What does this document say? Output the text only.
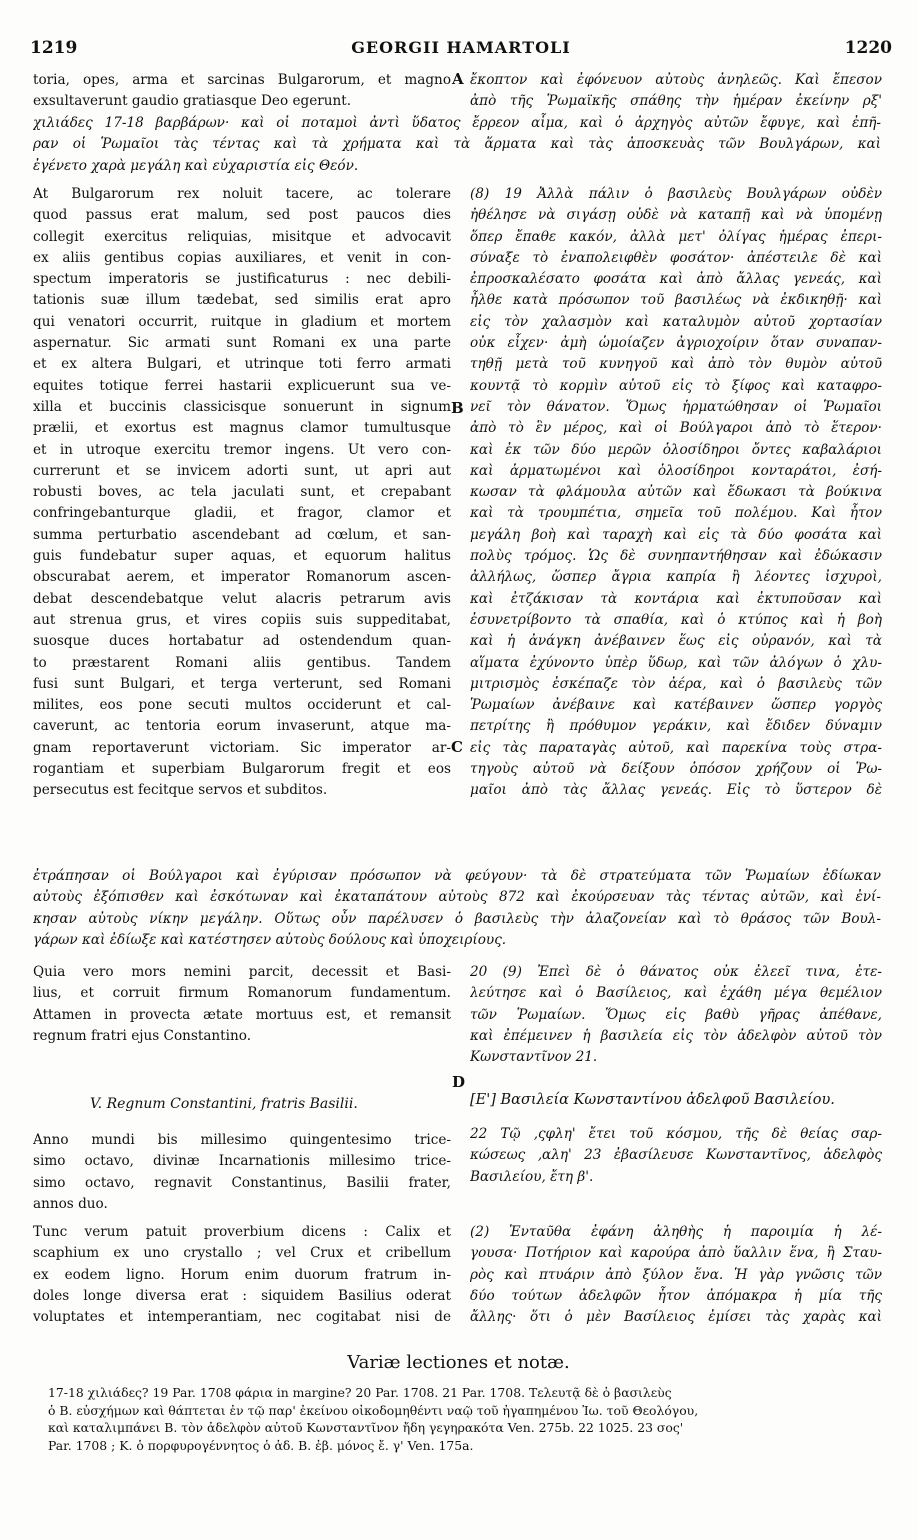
1219	GEORGII HAMARTOLI	1220
toria, opes, arma et sarcinas Bulgarorum, et magno
exsultaverunt gaudio gratiasque Deo egerunt.
A ἔκοπτον καὶ ἐφόνευον αὐτοὺς ἀνηλεῶς. Καὶ ἔπεσον
ἀπὸ τῆς Ῥωμαϊκῆς σπάθης τὴν ἡμέραν ἐκείνην ρξ'
χιλιάδες 17-18 βαρβάρων· καὶ οἱ ποταμοὶ ἀντὶ ὕδατος ἔρρεον αἷμα, καὶ ὁ ἀρχηγὸς αὐτῶν ἔφυγε, καὶ ἐπῆ-
ραν οἱ Ῥωμαῖοι τὰς τέντας καὶ τὰ χρήματα καὶ τὰ ἅρματα καὶ τὰς ἀποσκευὰς τῶν Βουλγάρων, καὶ
ἐγένετο χαρὰ μεγάλη καὶ εὐχαριστία εἰς Θεόν.
At Bulgarorum rex noluit tacere, ac tolerare
quod passus erat malum, sed post paucos dies
collegit exercitus reliquias, misitque et advocavit
ex aliis gentibus copias auxiliares, et venit in con-
spectum imperatoris se justificaturus : nec debili-
tationis suæ illum tædebat, sed similis erat apro
qui venatori occurrit, ruitque in gladium et mortem
aspernatur. Sic armati sunt Romani ex una parte
et ex altera Bulgari, et utrinque toti ferro armati
equites totique ferrei hastarii explicuerunt sua ve-
xilla et buccinis classicisque sonuerunt in signum
prælii, et exortus est magnus clamor tumultusque
et in utroque exercitu tremor ingens. Ut vero con-
currerunt et se invicem adorti sunt, ut apri aut
robusti boves, ac tela jaculati sunt, et crepabant
confringebanturque gladii, et fragor, clamor et
summa perturbatio ascendebant ad cœlum, et san-
guis fundebatur super aquas, et equorum halitus
obscurabat aerem, et imperator Romanorum ascen-
debat descendebatque velut alacris petrarum avis
aut strenua grus, et vires copiis suis suppeditabat,
suosque duces hortabatur ad ostendendum quan-
to præstarent Romani aliis gentibus. Tandem
fusi sunt Bulgari, et terga verterunt, sed Romani
milites, eos pone secuti multos occiderunt et cal-
caverunt, ac tentoria eorum invaserunt, atque ma-
gnam reportaverunt victoriam. Sic imperator ar-
rogantiam et superbiam Bulgarorum fregit et eos
persecutus est fecitque servos et subditos.
B
C
(8) 19 Ἀλλὰ πάλιν ὁ βασιλεὺς Βουλγάρων οὐδὲν
ἠθέλησε νὰ σιγάσῃ οὐδὲ νὰ καταπῇ καὶ νὰ ὑπομένῃ
ὅπερ ἔπαθε κακόν, ἀλλὰ μετ' ὀλίγας ἡμέρας ἐπερι-
σύναξε τὸ ἐναπολειφθὲν φοσάτον· ἀπέστειλε δὲ καὶ
ἐπροσκαλέσατο φοσάτα καὶ ἀπὸ ἄλλας γενεάς, καὶ
ἦλθε κατὰ πρόσωπον τοῦ βασιλέως νὰ ἐκδικηθῇ· καὶ
εἰς τὸν χαλασμὸν καὶ καταλυμὸν αὐτοῦ χορτασίαν
οὐκ εἶχεν· ἀμὴ ὡμοίαζεν ἀγριοχοίριν ὅταν συναπαν-
τηθῇ μετὰ τοῦ κυνηγοῦ καὶ ἀπὸ τὸν θυμὸν αὐτοῦ
κουντᾷ τὸ κορμὶν αὐτοῦ εἰς τὸ ξίφος καὶ καταφρο-
νεῖ τὸν θάνατον. Ὅμως ἡρματώθησαν οἱ Ῥωμαῖοι
ἀπὸ τὸ ἓν μέρος, καὶ οἱ Βούλγαροι ἀπὸ τὸ ἕτερον·
καὶ ἐκ τῶν δύο μερῶν ὁλοσίδηροι ὄντες καβαλάριοι
καὶ ἁρματωμένοι καὶ ὁλοσίδηροι κονταράτοι, ἐσή-
κωσαν τὰ φλάμουλα αὐτῶν καὶ ἔδωκασι τὰ βούκινα
καὶ τὰ τρουμπέτια, σημεῖα τοῦ πολέμου. Καὶ ἦτον
μεγάλη βοὴ καὶ ταραχὴ καὶ εἰς τὰ δύο φοσάτα καὶ
πολὺς τρόμος. Ὡς δὲ συνηπαντήθησαν καὶ ἐδώκασιν
ἀλλήλως, ὥσπερ ἄγρια καπρία ἢ λέοντες ἰσχυροὶ,
καὶ ἐτζάκισαν τὰ κοντάρια καὶ ἐκτυποῦσαν καὶ
ἐσυνετρίβοντο τὰ σπαθία, καὶ ὁ κτύπος καὶ ἡ βοὴ
καὶ ἡ ἀνάγκη ἀνέβαινεν ἕως εἰς οὐρανόν, καὶ τὰ
αἵματα ἐχύνοντο ὑπὲρ ὕδωρ, καὶ τῶν ἀλόγων ὁ χλυ-
μιτρισμὸς ἐσκέπαζε τὸν ἀέρα, καὶ ὁ βασιλεὺς τῶν
Ῥωμαίων ἀνέβαινε καὶ κατέβαινεν ὥσπερ γοργὸς
πετρίτης ἢ πρόθυμον γεράκιν, καὶ ἔδιδεν δύναμιν
εἰς τὰς παραταγὰς αὐτοῦ, καὶ παρεκίνα τοὺς στρα-
τηγοὺς αὐτοῦ νὰ δείξουν ὁπόσον χρήζουν οἱ Ῥω-
μαῖοι ἀπὸ τὰς ἄλλας γενεάς. Εἰς τὸ ὕστερον δὲ
ἐτράπησαν οἱ Βούλγαροι καὶ ἐγύρισαν πρόσωπον νὰ φεύγουν· τὰ δὲ στρατεύματα τῶν Ῥωμαίων ἐδίωκαν
αὐτοὺς ἐξόπισθεν καὶ ἐσκότωναν καὶ ἐκαταπάτουν αὐτοὺς 872 καὶ ἐκούρσευαν τὰς τέντας αὐτῶν, καὶ ἐνί-
κησαν αὐτοὺς νίκην μεγάλην. Οὕτως οὖν παρέλυσεν ὁ βασιλεὺς τὴν ἀλαζονείαν καὶ τὸ θράσος τῶν Βουλ-
γάρων καὶ ἐδίωξε καὶ κατέστησεν αὐτοὺς δούλους καὶ ὑποχειρίους.
Quia vero mors nemini parcit, decessit et Basi-
lius, et corruit firmum Romanorum fundamentum.
Attamen in provecta ætate mortuus est, et remansit
regnum fratri ejus Constantino.
20 (9) Ἐπεὶ δὲ ὁ θάνατος οὐκ ἐλεεῖ τινα, ἐτε-
λεύτησε καὶ ὁ Βασίλειος, καὶ ἐχάθη μέγα θεμέλιον
τῶν Ῥωμαίων. Ὅμως εἰς βαθὺ γῆρας ἀπέθανε,
καὶ ἐπέμεινεν ἡ βασιλεία εἰς τὸν ἀδελφὸν αὐτοῦ τὸν
Κωνσταντῖνον 21.
D
V. Regnum Constantini, fratris Basilii.	[Ε'] Βασιλεία Κωνσταντίνου ἀδελφοῦ Βασιλείου.
Anno mundi bis millesimo quingentesimo trice-
simo octavo, divinæ Incarnationis millesimo trice-
simo octavo, regnavit Constantinus, Basilii frater,
annos duo.
22 Τῷ ‚ςφλη' ἔτει τοῦ κόσμου, τῆς δὲ θείας σαρ-
κώσεως ‚αλη' 23 ἐβασίλευσε Κωνσταντῖνος, ἀδελφὸς
Βασιλείου, ἔτη β'.
Tunc verum patuit proverbium dicens : Calix et
scaphium ex uno crystallo ; vel Crux et cribellum
ex eodem ligno. Horum enim duorum fratrum in-
doles longe diversa erat : siquidem Basilius oderat
voluptates et intemperantiam, nec cogitabat nisi de
(2) Ἐνταῦθα ἐφάνη ἀληθὴς ἡ παροιμία ἡ λέ-
γουσα· Ποτήριον καὶ καρούρα ἀπὸ ὕαλλιν ἕνα, ἢ Σταυ-
ρὸς καὶ πτυάριν ἀπὸ ξύλον ἕνα. Ἡ γὰρ γνῶσις τῶν
δύο τούτων ἀδελφῶν ἦτον ἀπόμακρα ἡ μία τῆς
ἄλλης· ὅτι ὁ μὲν Βασίλειος ἐμίσει τὰς χαρὰς καὶ
Variæ lectiones et notæ.
17-18 χιλιάδες? 19 Par. 1708 φάρια in margine? 20 Par. 1708. 21 Par. 1708. Τελευτᾷ δὲ ὁ βασιλεὺς
ὁ Β. εὐσχήμων καὶ θάπτεται ἐν τῷ παρ' ἐκείνου οἰκοδομηθέντι ναῷ τοῦ ἠγαπημένου Ἰω. τοῦ Θεολόγου,
καὶ καταλιμπάνει Β. τὸν ἀδελφὸν αὐτοῦ Κωνσταντῖνον ἤδη γεγηρακότα Ven. 275b. 22 1025. 23 σος'
Par. 1708 ; Κ. ὁ πορφυρογέννητος ὁ ἀδ. Β. ἐβ. μόνος ἔ. γ' Ven. 175a.
